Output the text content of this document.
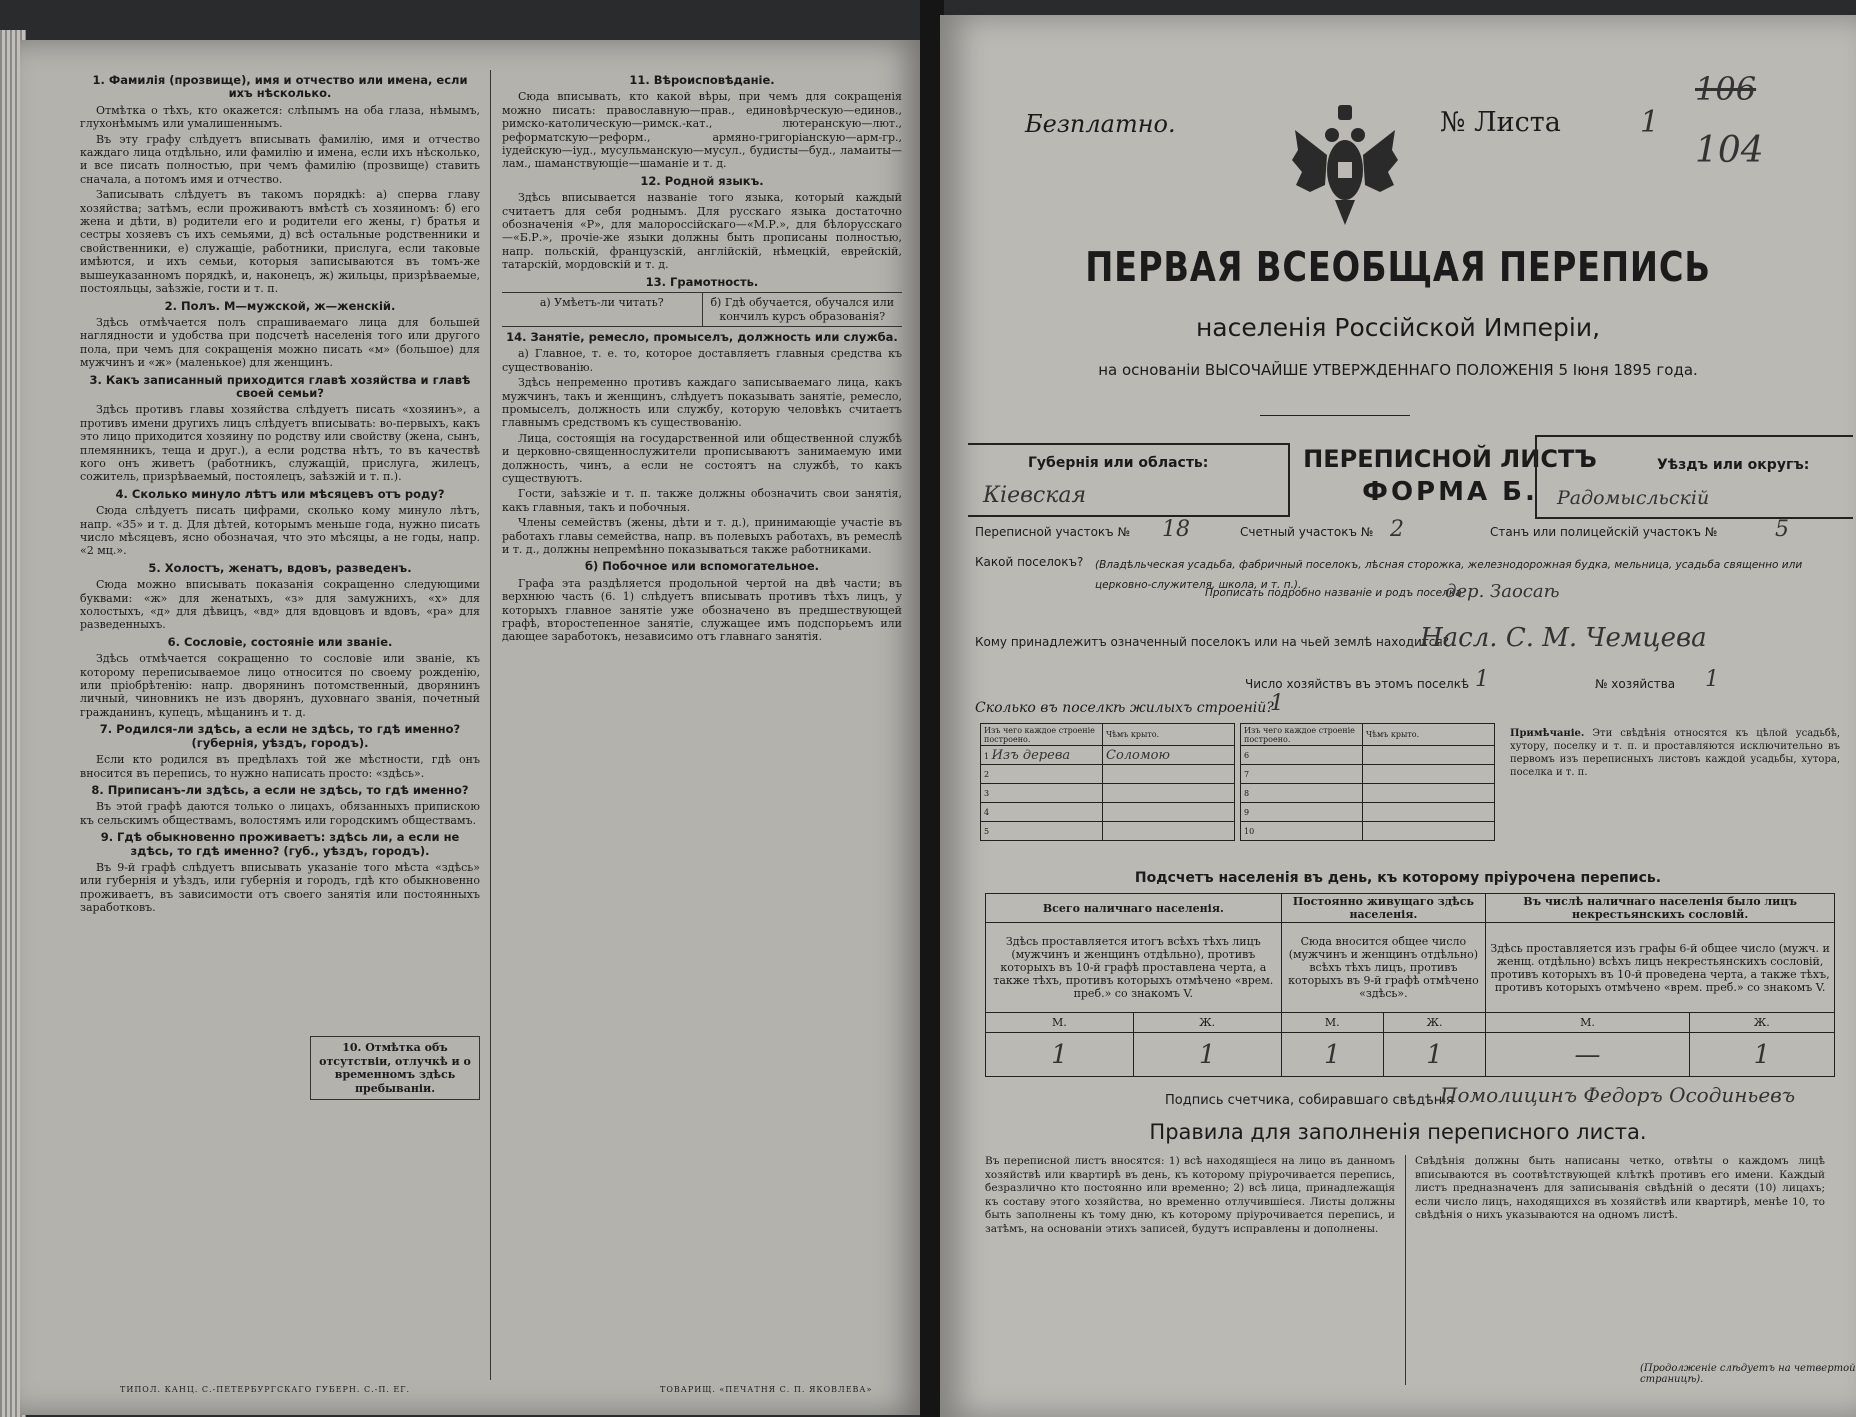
1. Фамилія (прозвище), имя и отчество или имена, если ихъ нѣсколько.

Отмѣтка о тѣхъ, кто окажется: слѣпымъ на оба глаза, нѣмымъ, глухонѣмымъ или умалишеннымъ.

Въ эту графу слѣдуетъ вписывать фамилію, имя и отчество каждаго лица отдѣльно, или фамилію и имена, если ихъ нѣсколько, и все писать полностью, при чемъ фамилію (прозвище) ставить сначала, а потомъ имя и отчество.

Записывать слѣдуетъ въ такомъ порядкѣ: а) сперва главу хозяйства; затѣмъ, если проживаютъ вмѣстѣ съ хозяиномъ: б) его жена и дѣти, в) родители его и родители его жены, г) братья и сестры хозяевъ съ ихъ семьями, д) всѣ остальные родственники и свойственники, е) служащіе, работники, прислуга, если таковые имѣются, и ихъ семьи, которыя записываются въ томъ-же вышеуказанномъ порядкѣ, и, наконецъ, ж) жильцы, призрѣваемые, постояльцы, заѣзжіе, гости и т. п.

2. Полъ. М—мужской, ж—женскій.

Здѣсь отмѣчается полъ спрашиваемаго лица для большей наглядности и удобства при подсчетѣ населенія того или другого пола, при чемъ для сокращенія можно писать «м» (большое) для мужчинъ и «ж» (маленькое) для женщинъ.

3. Какъ записанный приходится главѣ хозяйства и главѣ своей семьи?

Здѣсь противъ главы хозяйства слѣдуетъ писать «хозяинъ», а противъ имени другихъ лицъ слѣдуетъ вписывать: во-первыхъ, какъ это лицо приходится хозяину по родству или свойству (жена, сынъ, племянникъ, теща и друг.), а если родства нѣтъ, то въ качествѣ кого онъ живетъ (работникъ, служащій, прислуга, жилецъ, сожитель, призрѣваемый, постоялецъ, заѣзжій и т. п.).

4. Сколько минуло лѣтъ или мѣсяцевъ отъ роду?

Сюда слѣдуетъ писать цифрами, сколько кому минуло лѣтъ, напр. «35» и т. д. Для дѣтей, которымъ меньше года, нужно писать число мѣсяцевъ, ясно обозначая, что это мѣсяцы, а не годы, напр. «2 мц.».

5. Холостъ, женатъ, вдовъ, разведенъ.

Сюда можно вписывать показанія сокращенно следующими буквами: «ж» для женатыхъ, «з» для замужнихъ, «х» для холостыхъ, «д» для дѣвицъ, «вд» для вдовцовъ и вдовъ, «ра» для разведенныхъ.

6. Сословіе, состояніе или званіе.

Здѣсь отмѣчается сокращенно то сословіе или званіе, къ которому переписываемое лицо относится по своему рожденію, или пріобрѣтенію: напр. дворянинъ потомственный, дворянинъ личный, чиновникъ не изъ дворянъ, духовнаго званія, почетный гражданинъ, купецъ, мѣщанинъ и т. д.

7. Родился-ли здѣсь, а если не здѣсь, то гдѣ именно? (губернія, уѣздъ, городъ).

Если кто родился въ предѣлахъ той же мѣстности, гдѣ онъ вносится въ перепись, то нужно написать просто: «здѣсь».

8. Приписанъ-ли здѣсь, а если не здѣсь, то гдѣ именно?

Въ этой графѣ даются только о лицахъ, обязанныхъ припискою къ сельскимъ обществамъ, волостямъ или городскимъ обществамъ.

9. Гдѣ обыкновенно проживаетъ: здѣсь ли, а если не здѣсь, то гдѣ именно? (губ., уѣздъ, городъ).

Въ 9-й графѣ слѣдуетъ вписывать указаніе того мѣста «здѣсь» или губернія и уѣздъ, или губернія и городъ, гдѣ кто обыкновенно проживаетъ, въ зависимости отъ своего занятія или постоянныхъ заработковъ.

10. Отмѣтка объ отсутствіи, отлучкѣ и о временномъ здѣсь пребываніи.
11. Вѣроисповѣданіе.

Сюда вписывать, кто какой вѣры, при чемъ для сокращенія можно писать: православную—прав., единовѣрческую—единов., римско-католическую—римск.-кат., лютеранскую—лют., реформатскую—реформ., армяно-григоріанскую—арм-гр., іудейскую—іуд., мусульманскую—мусул., будисты—буд., ламаиты—лам., шаманствующіе—шаманіе и т. д.

12. Родной языкъ.

Здѣсь вписывается названіе того языка, который каждый считаетъ для себя роднымъ. Для русскаго языка достаточно обозначенія «Р», для малороссійскаго—«М.Р.», для бѣлорусскаго—«Б.Р.», прочіе-же языки должны быть прописаны полностью, напр. польскій, французскій, англійскій, нѣмецкій, еврейскій, татарскій, мордовскій и т. д.

13. Грамотность.
а) Умѣетъ-ли читать?	б) Гдѣ обучается, обучался или кончилъ курсъ образованія?
14. Занятіе, ремесло, промыселъ, должность или служба.

а) Главное, т. е. то, которое доставляетъ главныя средства къ существованію.

Здѣсь непременно противъ каждаго записываемаго лица, какъ мужчинъ, такъ и женщинъ, слѣдуетъ показывать занятіе, ремесло, промыселъ, должность или службу, которую человѣкъ считаетъ главнымъ средствомъ къ существованію.

Лица, состоящія на государственной или общественной службѣ и церковно-священнослужители прописываютъ занимаемую ими должность, чинъ, а если не состоятъ на службѣ, то какъ существуютъ.

Гости, заѣзжіе и т. п. также должны обозначить свои занятія, какъ главныя, такъ и побочныя.

Члены семействъ (жены, дѣти и т. д.), принимающіе участіе въ работахъ главы семейства, напр. въ полевыхъ работахъ, въ ремеслѣ и т. д., должны непремѣнно показываться также работниками.

б) Побочное или вспомогательное.

Графа эта раздѣляется продольной чертой на двѣ части; въ верхнюю часть (6. 1) слѣдуетъ вписывать противъ тѣхъ лицъ, у которыхъ главное занятіе уже обозначено въ предшествующей графѣ, второстепенное занятіе, служащее имъ подспорьемъ или дающее заработокъ, независимо отъ главнаго занятія.

ТИПОЛ. КАНЦ. С.-ПЕТЕРБУРГСКАГО ГУБЕРН. С.-П. ЕГ.	ТОВАРИЩ. «ПЕЧАТНЯ С. П. ЯКОВЛЕВА»
Безплатно.	№ Листа	1
104
106
ПЕРВАЯ ВСЕОБЩАЯ ПЕРЕПИСЬ
населенія Россійской Имперіи,
на основаніи ВЫСОЧАЙШЕ УТВЕРЖДЕННАГО ПОЛОЖЕНІЯ 5 Іюня 1895 года.
Губернія или область:
Кіевская
ПЕРЕПИСНОЙ ЛИСТЪ
ФОРМА Б.
Уѣздъ или округъ:
Радомысльскій
Переписной участокъ № 18	Счетный участокъ № 2	Станъ или полицейскій участокъ №	5
Какой поселокъ? (Владѣльческая усадьба, фабричный поселокъ, лѣсная сторожка, железнодорожная будка, мельница, усадьба священно или церковно-служителя, школа, и т. п.).
Прописать подробно названіе и родъ поселка
дер. Заосаѣ
Кому принадлежитъ означенный поселокъ или на чьей землѣ находится?
Насл. С. М. Чемцева
Число хозяйствъ въ этомъ поселкѣ 1	№ хозяйства 1
Сколько въ поселкѣ жилыхъ строеній?
1
Изъ чего каждое строеніе построено.	Чѣмъ крыто.
1 Изъ дерева	Соломою
2	
3	
4	
5	
Изъ чего каждое строеніе построено.	Чѣмъ крыто.
6	
7	
8	
9	
10	
Примѣчаніе. Эти свѣдѣнія относятся къ цѣлой усадьбѣ, хутору, поселку и т. п. и проставляются исключительно въ первомъ изъ переписныхъ листовъ каждой усадьбы, хутора, поселка и т. п.
Подсчетъ населенія въ день, къ которому пріурочена перепись.
Всего наличнаго населенія.		Постоянно живущаго здѣсь населенія.		Въ числѣ наличнаго населенія было лицъ некрестьянскихъ сословій.	
Здѣсь проставляется итогъ всѣхъ тѣхъ лицъ (мужчинъ и женщинъ отдѣльно), противъ которыхъ въ 10-й графѣ проставлена черта, а также тѣхъ, противъ которыхъ отмѣчено «врем. преб.» со знакомъ V.		Сюда вносится общее число (мужчинъ и женщинъ отдѣльно) всѣхъ тѣхъ лицъ, противъ которыхъ въ 9-й графѣ отмѣчено «здѣсь».		Здѣсь проставляется изъ графы 6-й общее число (мужч. и женщ. отдѣльно) всѣхъ лицъ некрестьянскихъ сословій, противъ которыхъ въ 10-й проведена черта, а также тѣхъ, противъ которыхъ отмѣчено «врем. преб.» со знакомъ V.	
М.	Ж.	М.	Ж.	М.	Ж.
1	1	1	1	—	1
Подпись счетчика, собиравшаго свѣдѣнія
Помолицинъ Федоръ Осодиньевъ
Правила для заполненія переписного листа.
Въ переписной листъ вносятся: 1) всѣ находящіеся на лицо въ данномъ хозяйствѣ или квартирѣ въ день, къ которому пріурочивается перепись, безразлично кто постоянно или временно; 2) всѣ лица, принадлежащія къ составу этого хозяйства, но временно отлучившіеся. Листы должны быть заполнены къ тому дню, къ которому пріурочивается перепись, и затѣмъ, на основаніи этихъ записей, будутъ исправлены и дополнены.
Свѣдѣнія должны быть написаны четко, отвѣты о каждомъ лицѣ вписываются въ соотвѣтствующей клѣткѣ противъ его имени. Каждый листъ предназначенъ для записыванія свѣдѣній о десяти (10) лицахъ; если число лицъ, находящихся въ хозяйствѣ или квартирѣ, менѣе 10, то свѣдѣнія о нихъ указываются на одномъ листѣ.
(Продолженіе слѣдуетъ на четвертой страницѣ).
